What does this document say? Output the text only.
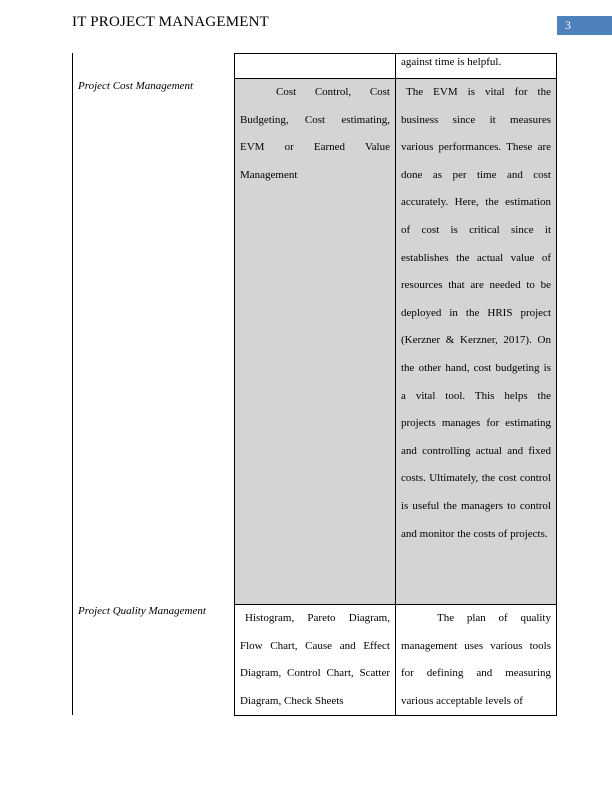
IT PROJECT MANAGEMENT	3
Project Cost Management
Project Quality Management

against time is helpful.

Cost Control, Cost Budgeting, Cost estimating, EVM or Earned Value Management

The EVM is vital for the business since it measures various performances. These are done as per time and cost accurately. Here, the estimation of cost is critical since it establishes the actual value of resources that are needed to be deployed in the HRIS project (Kerzner & Kerzner, 2017). On the other hand, cost budgeting is a vital tool. This helps the projects manages for estimating and controlling actual and fixed costs. Ultimately, the cost control is useful the managers to control and monitor the costs of projects.

Histogram, Pareto Diagram, Flow Chart, Cause and Effect Diagram, Control Chart, Scatter Diagram, Check Sheets

The plan of quality management uses various tools for defining and measuring various acceptable levels of
